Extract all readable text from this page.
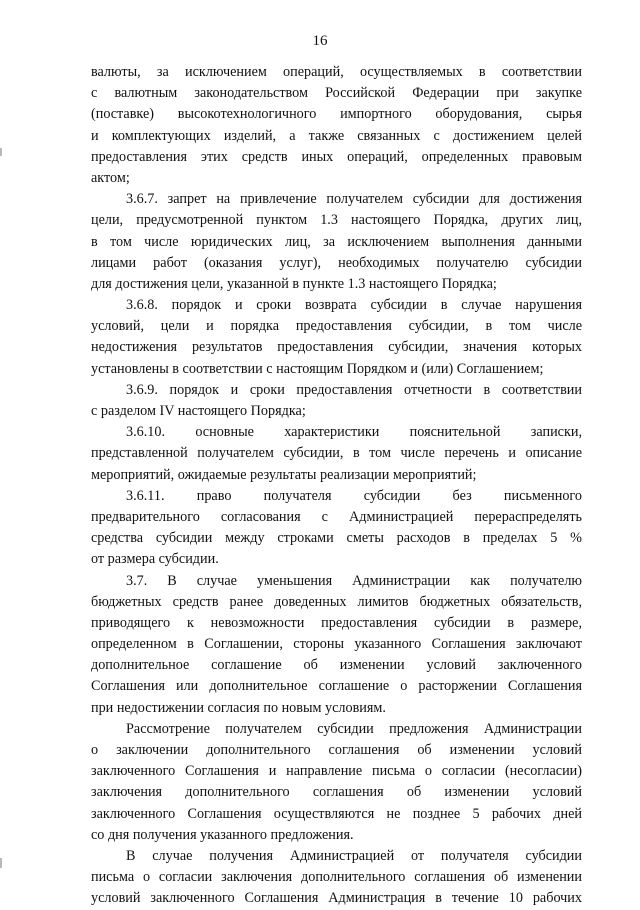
16
валюты, за исключением операций, осуществляемых в соответствии
с валютным законодательством Российской Федерации при закупке
(поставке) высокотехнологичного импортного оборудования, сырья
и комплектующих изделий, а также связанных с достижением целей
предоставления этих средств иных операций, определенных правовым
актом;
3.6.7. запрет на привлечение получателем субсидии для достижения
цели, предусмотренной пунктом 1.3 настоящего Порядка, других лиц,
в том числе юридических лиц, за исключением выполнения данными
лицами работ (оказания услуг), необходимых получателю субсидии
для достижения цели, указанной в пункте 1.3 настоящего Порядка;
3.6.8. порядок и сроки возврата субсидии в случае нарушения
условий, цели и порядка предоставления субсидии, в том числе
недостижения результатов предоставления субсидии, значения которых
установлены в соответствии с настоящим Порядком и (или) Соглашением;
3.6.9. порядок и сроки предоставления отчетности в соответствии
с разделом IV настоящего Порядка;
3.6.10. основные характеристики пояснительной записки,
представленной получателем субсидии, в том числе перечень и описание
мероприятий, ожидаемые результаты реализации мероприятий;
3.6.11. право получателя субсидии без письменного
предварительного согласования с Администрацией перераспределять
средства субсидии между строками сметы расходов в пределах 5 %
от размера субсидии.
3.7. В случае уменьшения Администрации как получателю
бюджетных средств ранее доведенных лимитов бюджетных обязательств,
приводящего к невозможности предоставления субсидии в размере,
определенном в Соглашении, стороны указанного Соглашения заключают
дополнительное соглашение об изменении условий заключенного
Соглашения или дополнительное соглашение о расторжении Соглашения
при недостижении согласия по новым условиям.
Рассмотрение получателем субсидии предложения Администрации
о заключении дополнительного соглашения об изменении условий
заключенного Соглашения и направление письма о согласии (несогласии)
заключения дополнительного соглашения об изменении условий
заключенного Соглашения осуществляются не позднее 5 рабочих дней
со дня получения указанного предложения.
В случае получения Администрацией от получателя субсидии
письма о согласии заключения дополнительного соглашения об изменении
условий заключенного Соглашения Администрация в течение 10 рабочих
